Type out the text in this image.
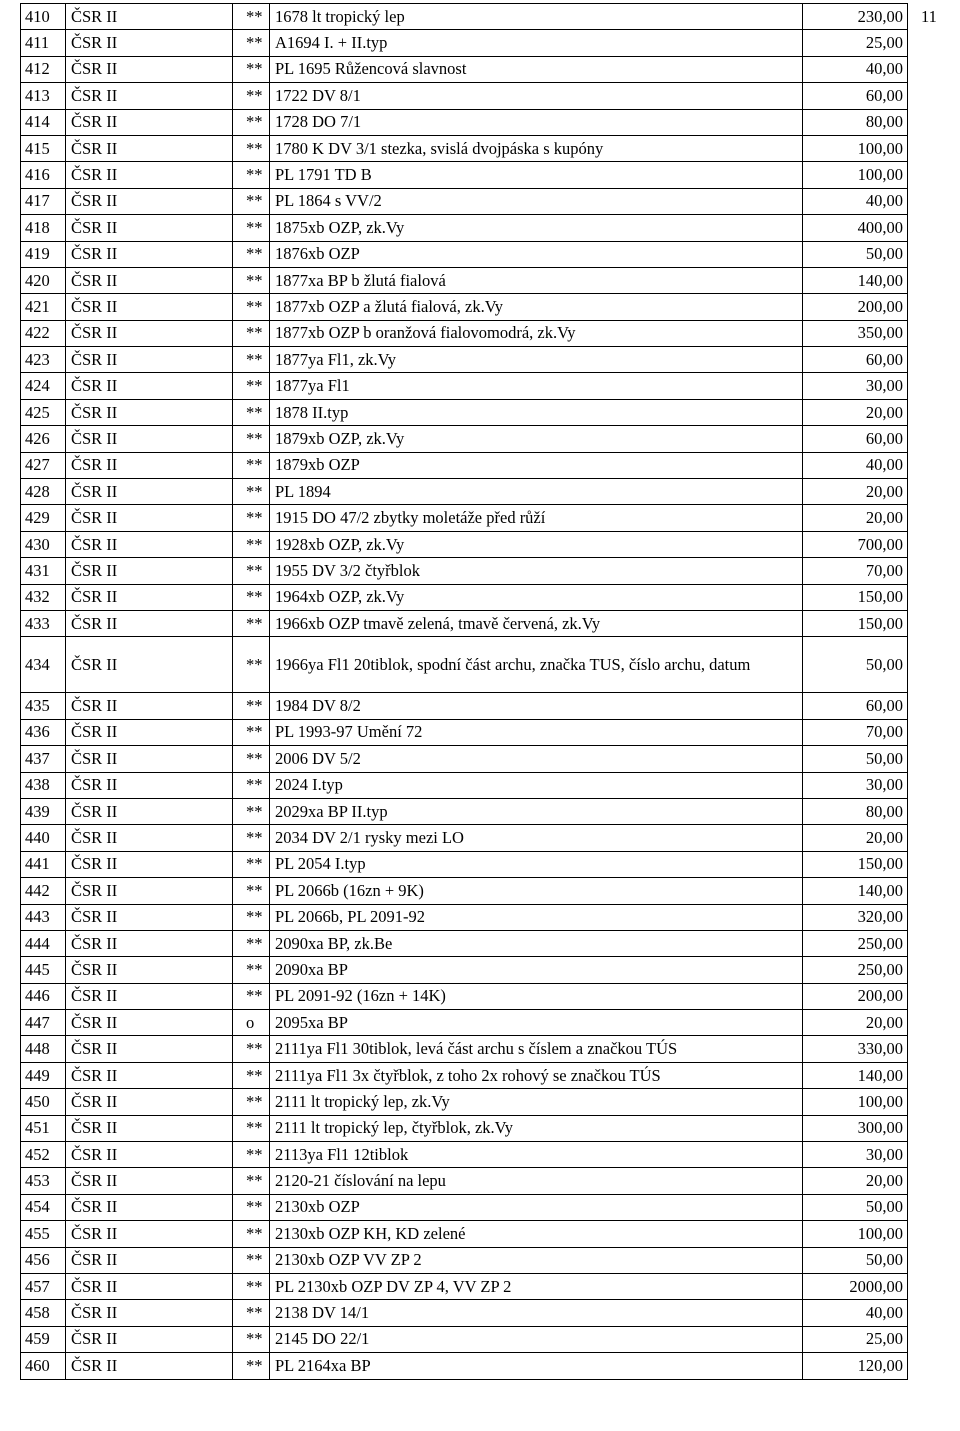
410	ČSR II	**	1678 lt tropický lep	230,00
411	ČSR II	**	A1694 I. + II.typ	25,00
412	ČSR II	**	PL 1695 Růžencová slavnost	40,00
413	ČSR II	**	1722 DV 8/1	60,00
414	ČSR II	**	1728 DO 7/1	80,00
415	ČSR II	**	1780 K DV 3/1 stezka, svislá dvojpáska s kupóny	100,00
416	ČSR II	**	PL 1791 TD B	100,00
417	ČSR II	**	PL 1864 s VV/2	40,00
418	ČSR II	**	1875xb OZP, zk.Vy	400,00
419	ČSR II	**	1876xb OZP	50,00
420	ČSR II	**	1877xa BP b žlutá fialová	140,00
421	ČSR II	**	1877xb OZP a žlutá fialová, zk.Vy	200,00
422	ČSR II	**	1877xb OZP b oranžová fialovomodrá, zk.Vy	350,00
423	ČSR II	**	1877ya Fl1, zk.Vy	60,00
424	ČSR II	**	1877ya Fl1	30,00
425	ČSR II	**	1878 II.typ	20,00
426	ČSR II	**	1879xb OZP, zk.Vy	60,00
427	ČSR II	**	1879xb OZP	40,00
428	ČSR II	**	PL 1894	20,00
429	ČSR II	**	1915 DO 47/2 zbytky moletáže před růží	20,00
430	ČSR II	**	1928xb OZP, zk.Vy	700,00
431	ČSR II	**	1955 DV 3/2 čtyřblok	70,00
432	ČSR II	**	1964xb OZP, zk.Vy	150,00
433	ČSR II	**	1966xb OZP tmavě zelená, tmavě červená, zk.Vy	150,00
434	ČSR II	**	1966ya Fl1 20tiblok, spodní část archu, značka TUS, číslo archu, datum	50,00
435	ČSR II	**	1984 DV 8/2	60,00
436	ČSR II	**	PL 1993-97 Umění 72	70,00
437	ČSR II	**	2006 DV 5/2	50,00
438	ČSR II	**	2024 I.typ	30,00
439	ČSR II	**	2029xa BP II.typ	80,00
440	ČSR II	**	2034 DV 2/1 rysky mezi LO	20,00
441	ČSR II	**	PL 2054 I.typ	150,00
442	ČSR II	**	PL 2066b (16zn + 9K)	140,00
443	ČSR II	**	PL 2066b, PL 2091-92	320,00
444	ČSR II	**	2090xa BP, zk.Be	250,00
445	ČSR II	**	2090xa BP	250,00
446	ČSR II	**	PL 2091-92 (16zn + 14K)	200,00
447	ČSR II	o	2095xa BP	20,00
448	ČSR II	**	2111ya Fl1 30tiblok, levá část archu s číslem a značkou TÚS	330,00
449	ČSR II	**	2111ya Fl1 3x čtyřblok, z toho 2x rohový se značkou TÚS	140,00
450	ČSR II	**	2111 lt tropický lep, zk.Vy	100,00
451	ČSR II	**	2111 lt tropický lep, čtyřblok, zk.Vy	300,00
452	ČSR II	**	2113ya Fl1 12tiblok	30,00
453	ČSR II	**	2120-21 číslování na lepu	20,00
454	ČSR II	**	2130xb OZP	50,00
455	ČSR II	**	2130xb OZP KH, KD zelené	100,00
456	ČSR II	**	2130xb OZP VV ZP 2	50,00
457	ČSR II	**	PL 2130xb OZP DV ZP 4, VV ZP 2	2000,00
458	ČSR II	**	2138 DV 14/1	40,00
459	ČSR II	**	2145 DO 22/1	25,00
460	ČSR II	**	PL 2164xa BP	120,00
11
